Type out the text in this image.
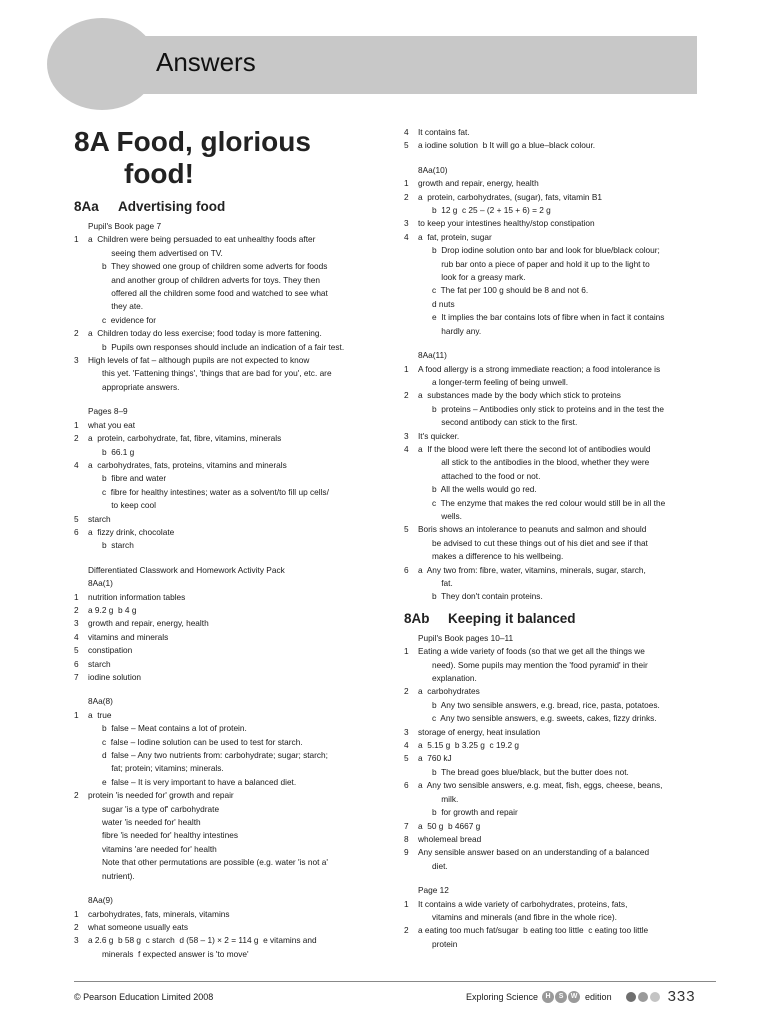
Answers
8A Food, glorious
food!
8Aa Advertising food
Pupil's Book page 7
1	a  Children were being persuaded to eat unhealthy foods after
seeing them advertised on TV.
b  They showed one group of children some adverts for foods
and another group of children adverts for toys. They then
offered all the children some food and watched to see what
they ate.
c  evidence for
2	a  Children today do less exercise; food today is more fattening.
b  Pupils own responses should include an indication of a fair test.
3	High levels of fat – although pupils are not expected to know
this yet. 'Fattening things', 'things that are bad for you', etc. are
appropriate answers.
Pages 8–9
1	what you eat
2	a  protein, carbohydrate, fat, fibre, vitamins, minerals
b  66.1 g
4	a  carbohydrates, fats, proteins, vitamins and minerals
b  fibre and water
c  fibre for healthy intestines; water as a solvent/to fill up cells/
to keep cool
5	starch
6	a  fizzy drink, chocolate
b  starch
Differentiated Classwork and Homework Activity Pack
8Aa(1)
1	nutrition information tables
2	a 9.2 g  b 4 g
3	growth and repair, energy, health
4	vitamins and minerals
5	constipation
6	starch
7	iodine solution
8Aa(8)
1	a  true
b  false – Meat contains a lot of protein.
c  false – Iodine solution can be used to test for starch.
d  false – Any two nutrients from: carbohydrate; sugar; starch;
fat; protein; vitamins; minerals.
e  false – It is very important to have a balanced diet.
2	protein 'is needed for' growth and repair
sugar 'is a type of' carbohydrate
water 'is needed for' health
fibre 'is needed for' healthy intestines
vitamins 'are needed for' health
Note that other permutations are possible (e.g. water 'is not a'
nutrient).
8Aa(9)
1	carbohydrates, fats, minerals, vitamins
2	what someone usually eats
3	a 2.6 g  b 58 g  c starch  d (58 – 1) × 2 = 114 g  e vitamins and
minerals  f expected answer is 'to move'
4	It contains fat.
5	a iodine solution  b It will go a blue–black colour.
8Aa(10)
1	growth and repair, energy, health
2	a  protein, carbohydrates, (sugar), fats, vitamin B1
b  12 g  c 25 – (2 + 15 + 6) = 2 g
3	to keep your intestines healthy/stop constipation
4	a  fat, protein, sugar
b  Drop iodine solution onto bar and look for blue/black colour;
rub bar onto a piece of paper and hold it up to the light to
look for a greasy mark.
c  The fat per 100 g should be 8 and not 6.
d nuts
e  It implies the bar contains lots of fibre when in fact it contains
hardly any.
8Aa(11)
1	A food allergy is a strong immediate reaction; a food intolerance is
a longer-term feeling of being unwell.
2	a  substances made by the body which stick to proteins
b  proteins – Antibodies only stick to proteins and in the test the
second antibody can stick to the first.
3	It's quicker.
4	a  If the blood were left there the second lot of antibodies would
all stick to the antibodies in the blood, whether they were
attached to the food or not.
b  All the wells would go red.
c  The enzyme that makes the red colour would still be in all the
wells.
5	Boris shows an intolerance to peanuts and salmon and should
be advised to cut these things out of his diet and see if that
makes a difference to his wellbeing.
6	a  Any two from: fibre, water, vitamins, minerals, sugar, starch,
fat.
b  They don't contain proteins.
8Ab Keeping it balanced
Pupil's Book pages 10–11
1	Eating a wide variety of foods (so that we get all the things we
need). Some pupils may mention the 'food pyramid' in their
explanation.
2	a  carbohydrates
b  Any two sensible answers, e.g. bread, rice, pasta, potatoes.
c  Any two sensible answers, e.g. sweets, cakes, fizzy drinks.
3	storage of energy, heat insulation
4	a  5.15 g  b 3.25 g  c 19.2 g
5	a  760 kJ
b  The bread goes blue/black, but the butter does not.
6	a  Any two sensible answers, e.g. meat, fish, eggs, cheese, beans,
milk.
b  for growth and repair
7	a  50 g  b 4667 g
8	wholemeal bread
9	Any sensible answer based on an understanding of a balanced
diet.
Page 12
1	It contains a wide variety of carbohydrates, proteins, fats,
vitamins and minerals (and fibre in the whole rice).
2	a eating too much fat/sugar  b eating too little  c eating too little
protein
© Pearson Education Limited 2008	Exploring Science	H	S	W edition	333
